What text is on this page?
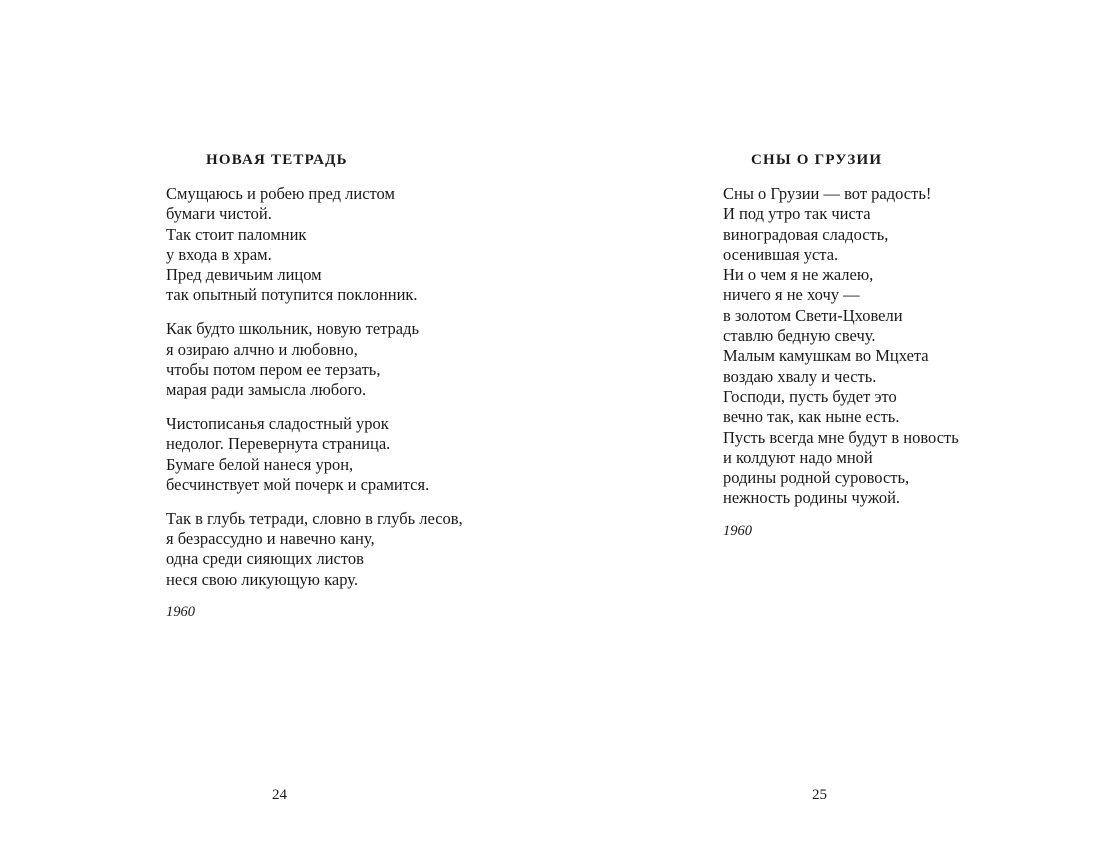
НОВАЯ ТЕТРАДЬ

Смущаюсь и робею пред листом
бумаги чистой.
Так стоит паломник
у входа в храм.
Пред девичьим лицом
так опытный потупится поклонник.

Как будто школьник, новую тетрадь
я озираю алчно и любовно,
чтобы потом пером ее терзать,
марая ради замысла любого.

Чистописанья сладостный урок
недолог. Перевернута страница.
Бумаге белой нанеся урон,
бесчинствует мой почерк и срамится.

Так в глубь тетради, словно в глубь лесов,
я безрассудно и навечно кану,
одна среди сияющих листов
неся свою ликующую кару.

1960
24
СНЫ О ГРУЗИИ

Сны о Грузии — вот радость!
И под утро так чиста
виноградовая сладость,
осенившая уста.
Ни о чем я не жалею,
ничего я не хочу —
в золотом Свети-Цховели
ставлю бедную свечу.
Малым камушкам во Мцхета
воздаю хвалу и честь.
Господи, пусть будет это
вечно так, как ныне есть.
Пусть всегда мне будут в новость
и колдуют надо мной
родины родной суровость,
нежность родины чужой.

1960
25
